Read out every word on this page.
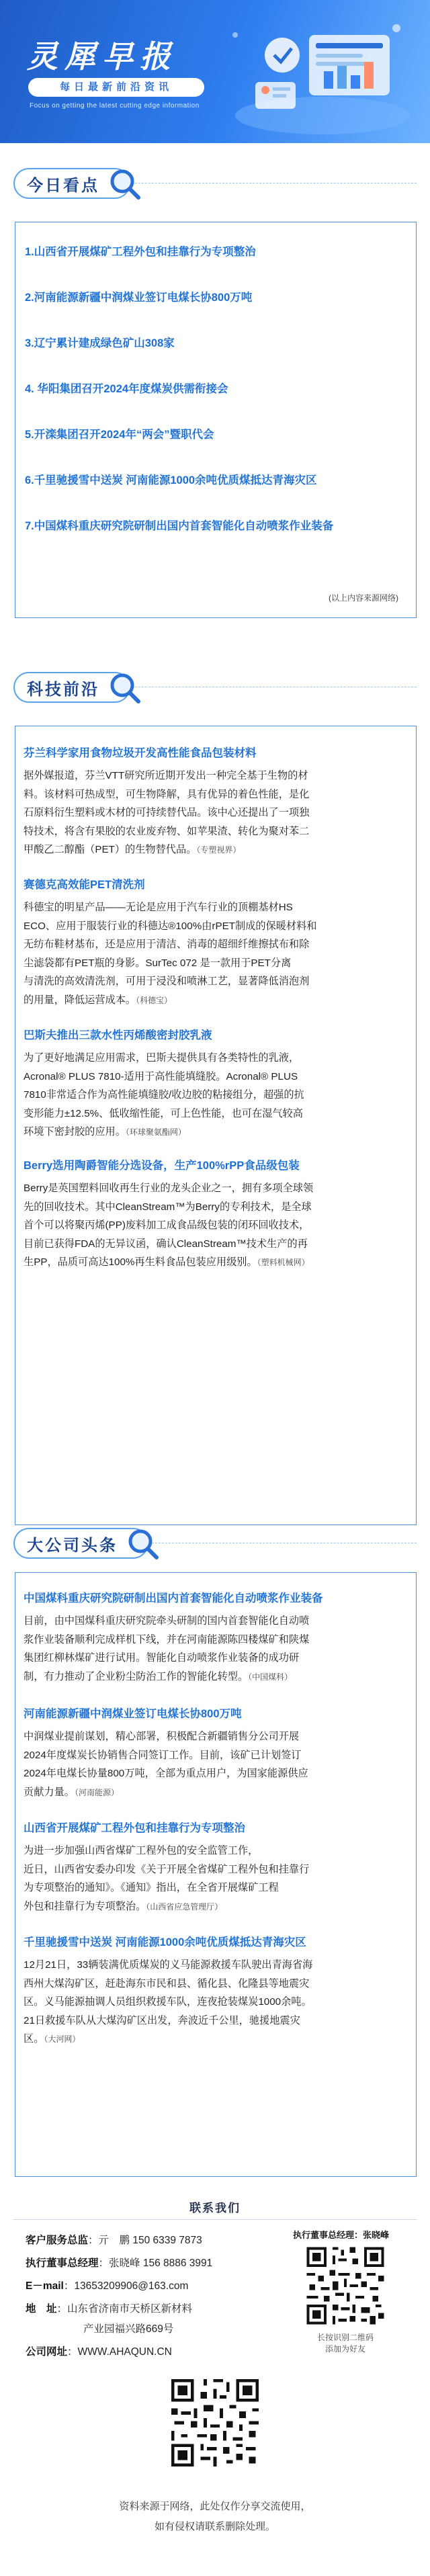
灵犀早报
每日最新前沿资讯
Focus on getting the latest cutting edge information
今日看点
1.山西省开展煤矿工程外包和挂靠行为专项整治
2.河南能源新疆中润煤业签订电煤长协800万吨
3.辽宁累计建成绿色矿山308家
4. 华阳集团召开2024年度煤炭供需衔接会
5.开滦集团召开2024年“两会”暨职代会
6.千里驰援雪中送炭 河南能源1000余吨优质煤抵达青海灾区
7.中国煤科重庆研究院研制出国内首套智能化自动喷浆作业装备
(以上内容来源网络)
科技前沿
芬兰科学家用食物垃圾开发高性能食品包装材料
据外媒报道，芬兰VTT研究所近期开发出一种完全基于生物的材
料。该材料可热成型，可生物降解，具有优异的着色性能，是化
石原料衍生塑料或木材的可持续替代品。该中心还提出了一项独
特技术，将含有果胶的农业废弃物、如苹果渣、转化为聚对苯二
甲酸乙二醇酯（PET）的生物替代品。（专塑视界）
赛德克高效能PET清洗剂
科德宝的明星产品——无论是应用于汽车行业的顶棚基材HS
ECO、应用于服装行业的科德达®100%由rPET制成的保暖材料和
无纺布鞋材基布，还是应用于清洁、消毒的超细纤维擦拭布和除
尘滤袋都有PET瓶的身影。SurTec 072 是一款用于PET分离
与清洗的高效清洗剂，可用于浸没和喷淋工艺，显著降低消泡剂
的用量，降低运营成本。（科德宝）
巴斯夫推出三款水性丙烯酸密封胶乳液
为了更好地满足应用需求，巴斯夫提供具有各类特性的乳液，
Acronal® PLUS 7810-适用于高性能填缝胶。Acronal® PLUS
7810非常适合作为高性能填缝胶/收边胶的粘接组分，超强的抗
变形能力±12.5%、低收缩性能，可上色性能，也可在湿气较高
环境下密封胶的应用。（环球聚氨酯网）
Berry选用陶爵智能分选设备，生产100%rPP食品级包装
Berry是英国塑料回收再生行业的龙头企业之一，拥有多项全球领
先的回收技术。其中CleanStream™为Berry的专利技术，是全球
首个可以将聚丙烯(PP)废料加工成食品级包装的闭环回收技术，
目前已获得FDA的无异议函，确认CleanStream™技术生产的再
生PP，品质可高达100%再生料食品包装应用级别。（塑料机械网）
大公司头条
中国煤科重庆研究院研制出国内首套智能化自动喷浆作业装备
目前，由中国煤科重庆研究院牵头研制的国内首套智能化自动喷
浆作业装备顺利完成样机下线，并在河南能源陈四楼煤矿和陕煤
集团红柳林煤矿进行试用。智能化自动喷浆作业装备的成功研
制，有力推动了企业粉尘防治工作的智能化转型。（中国煤科）
河南能源新疆中润煤业签订电煤长协800万吨
中润煤业提前谋划，精心部署，积极配合新疆销售分公司开展
2024年度煤炭长协销售合同签订工作。目前，该矿已计划签订
2024年电煤长协量800万吨，全部为重点用户，为国家能源供应
贡献力量。（河南能源）
山西省开展煤矿工程外包和挂靠行为专项整治
为进一步加强山西省煤矿工程外包的安全监管工作，
近日，山西省安委办印发《关于开展全省煤矿工程外包和挂靠行
为专项整治的通知》。《通知》指出，在全省开展煤矿工程
外包和挂靠行为专项整治。（山西省应急管理厅）
千里驰援雪中送炭 河南能源1000余吨优质煤抵达青海灾区
12月21日，33辆装满优质煤炭的义马能源救援车队驶出青海省海
西州大煤沟矿区，赶赴海东市民和县、循化县、化隆县等地震灾
区。义马能源抽调人员组织救援车队，连夜抢装煤炭1000余吨。
21日救援车队从大煤沟矿区出发，奔波近千公里，驰援地震灾
区。（大河网）
联系我们
客户服务总监：亓　鹏 150 6339 7873
执行董事总经理：张晓峰 156 8886 3991
E－mail：13653209906@163.com
地　址：山东省济南市天桥区新材料
产业园福兴路669号
公司网址：WWW.AHAQUN.CN
执行董事总经理：张晓峰
长按识别二维码
添加为好友
资料来源于网络，此处仅作分享交流使用，
如有侵权请联系删除处理。
